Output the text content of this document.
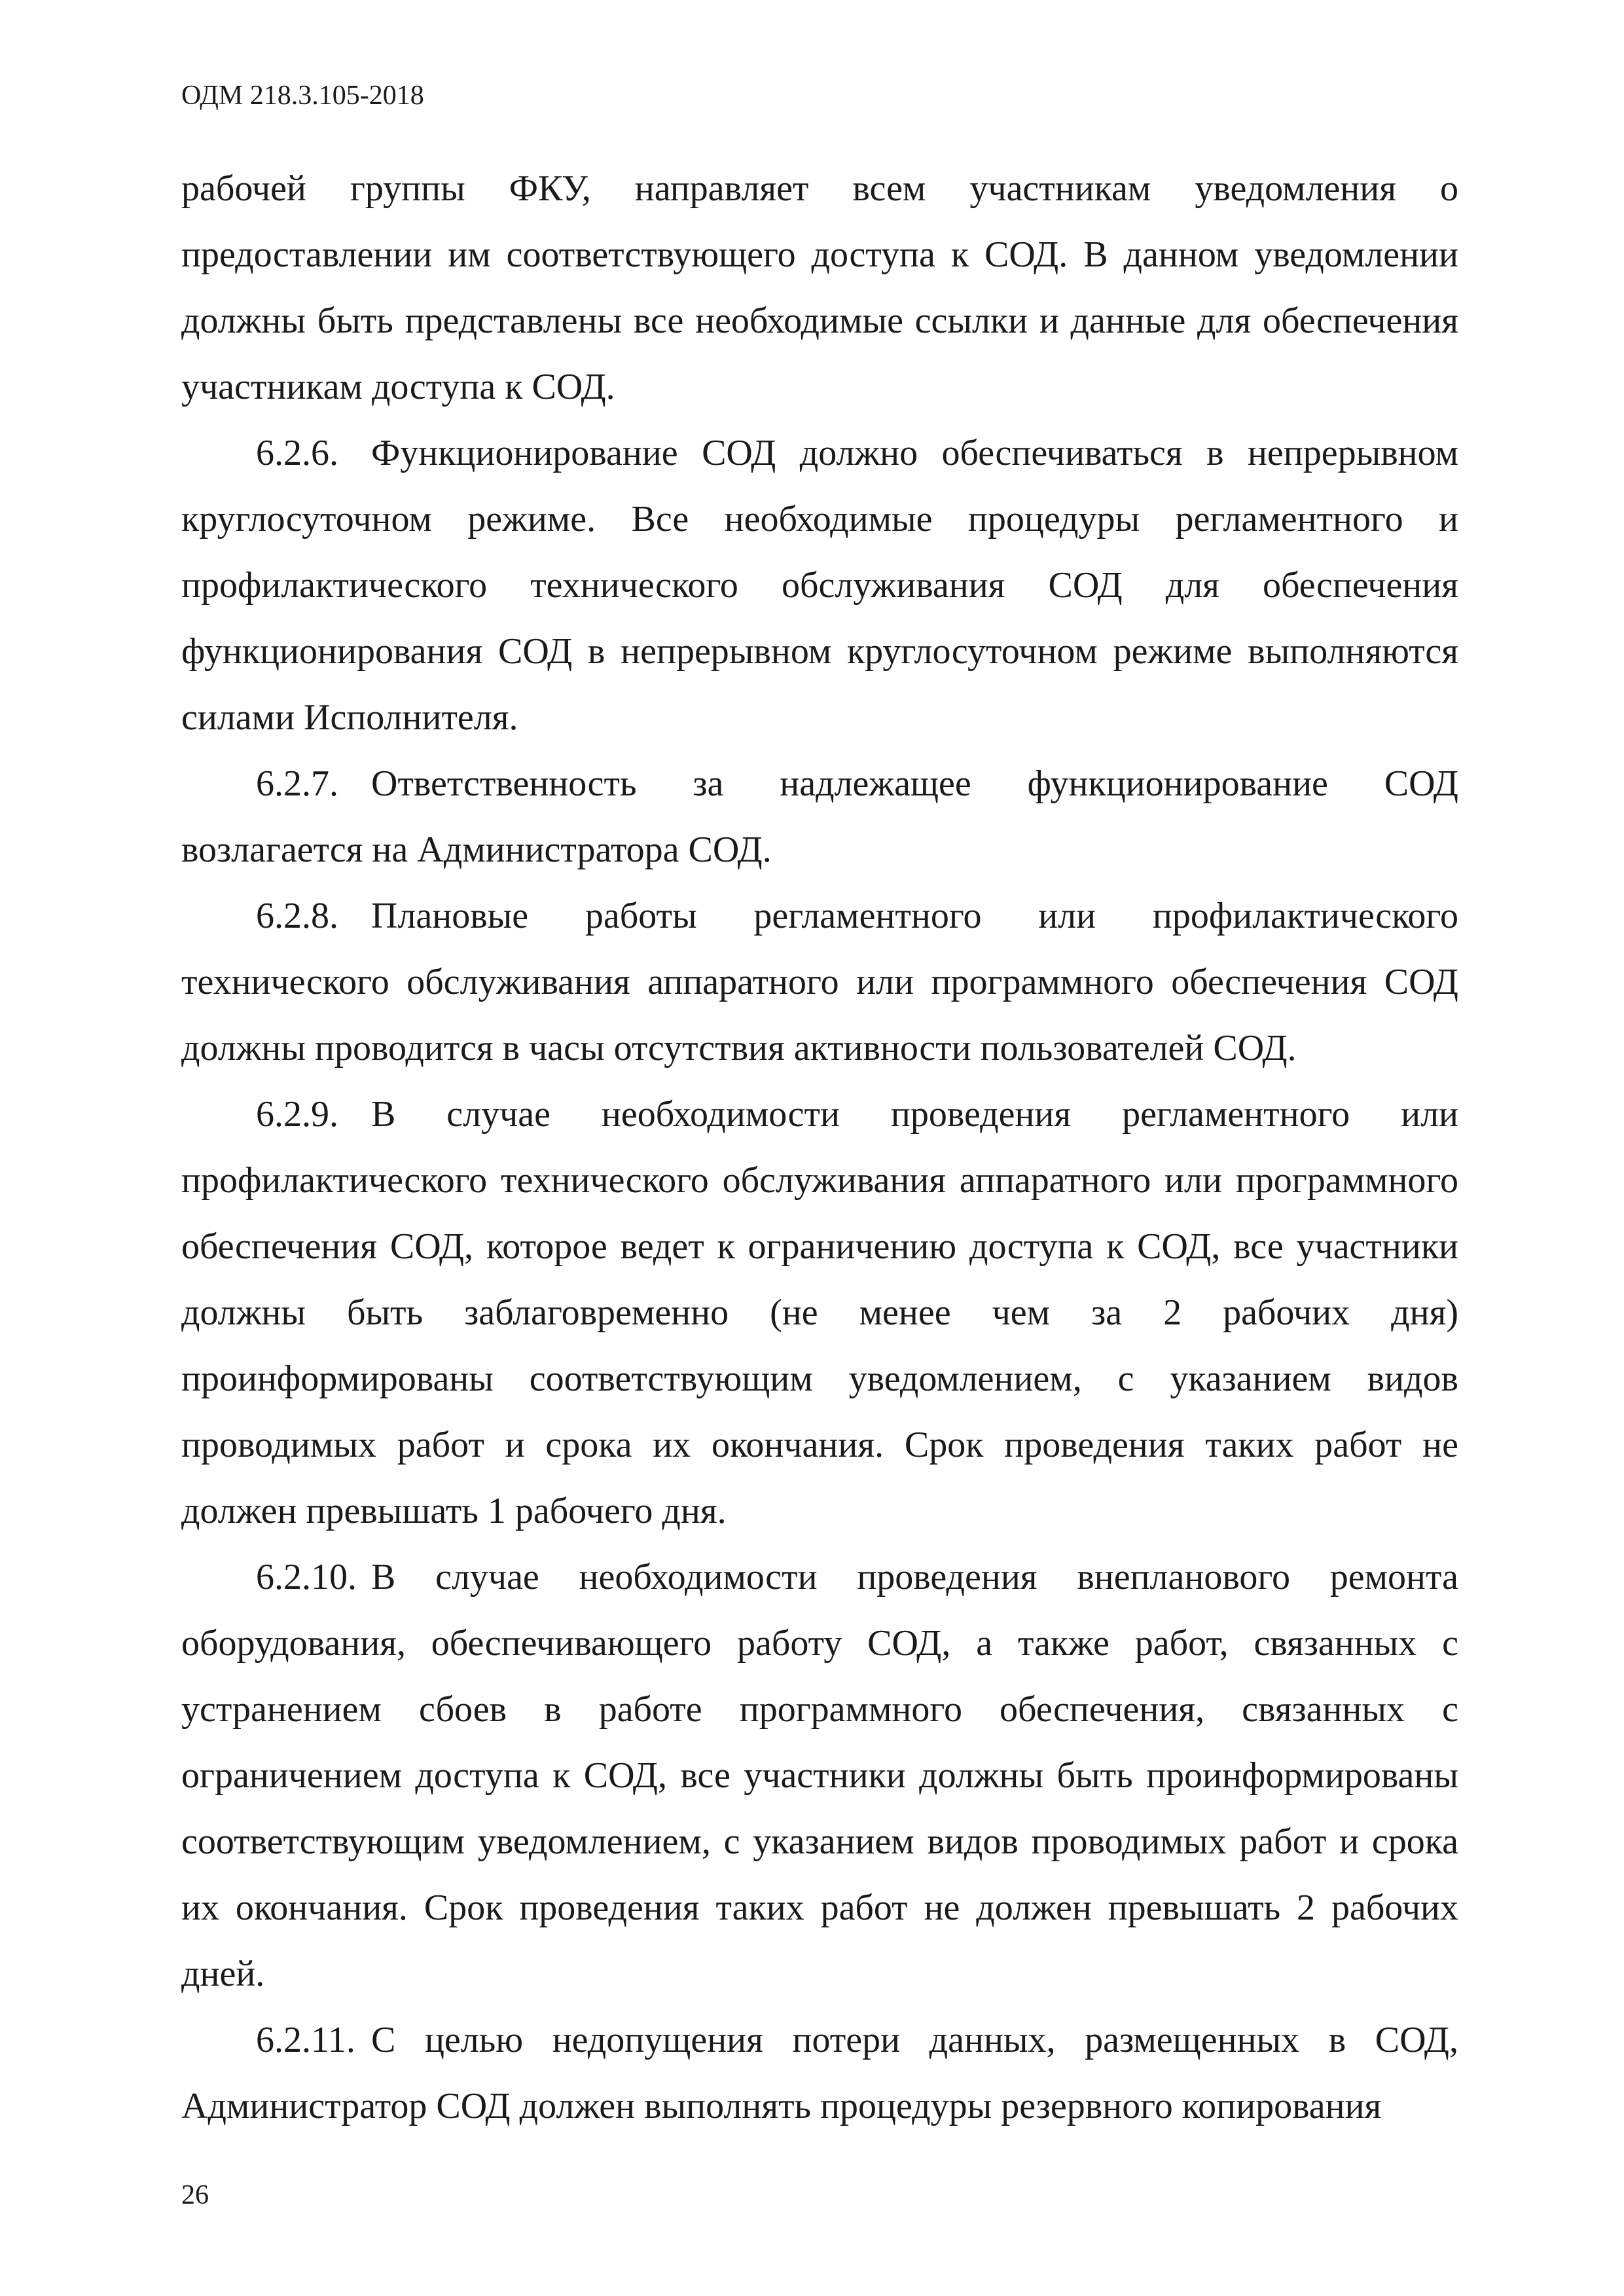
ОДМ 218.3.105-2018

рабочей группы ФКУ, направляет всем участникам уведомления о предоставлении им соответствующего доступа к СОД. В данном уведомлении должны быть представлены все необходимые ссылки и данные для обеспечения участникам доступа к СОД.

6.2.6. Функционирование СОД должно обеспечиваться в непрерывном круглосуточном режиме. Все необходимые процедуры регламентного и профилактического технического обслуживания СОД для обеспечения функционирования СОД в непрерывном круглосуточном режиме выполняются силами Исполнителя.

6.2.7. Ответственность за надлежащее функционирование СОД возлагается на Администратора СОД.

6.2.8. Плановые работы регламентного или профилактического технического обслуживания аппаратного или программного обеспечения СОД должны проводится в часы отсутствия активности пользователей СОД.

6.2.9. В случае необходимости проведения регламентного или профилактического технического обслуживания аппаратного или программного обеспечения СОД, которое ведет к ограничению доступа к СОД, все участники должны быть заблаговременно (не менее чем за 2 рабочих дня) проинформированы соответствующим уведомлением, с указанием видов проводимых работ и срока их окончания. Срок проведения таких работ не должен превышать 1 рабочего дня.

6.2.10. В случае необходимости проведения внепланового ремонта оборудования, обеспечивающего работу СОД, а также работ, связанных с устранением сбоев в работе программного обеспечения, связанных с ограничением доступа к СОД, все участники должны быть проинформированы соответствующим уведомлением, с указанием видов проводимых работ и срока их окончания. Срок проведения таких работ не должен превышать 2 рабочих дней.

6.2.11. С целью недопущения потери данных, размещенных в СОД, Администратор СОД должен выполнять процедуры резервного копирования

26
